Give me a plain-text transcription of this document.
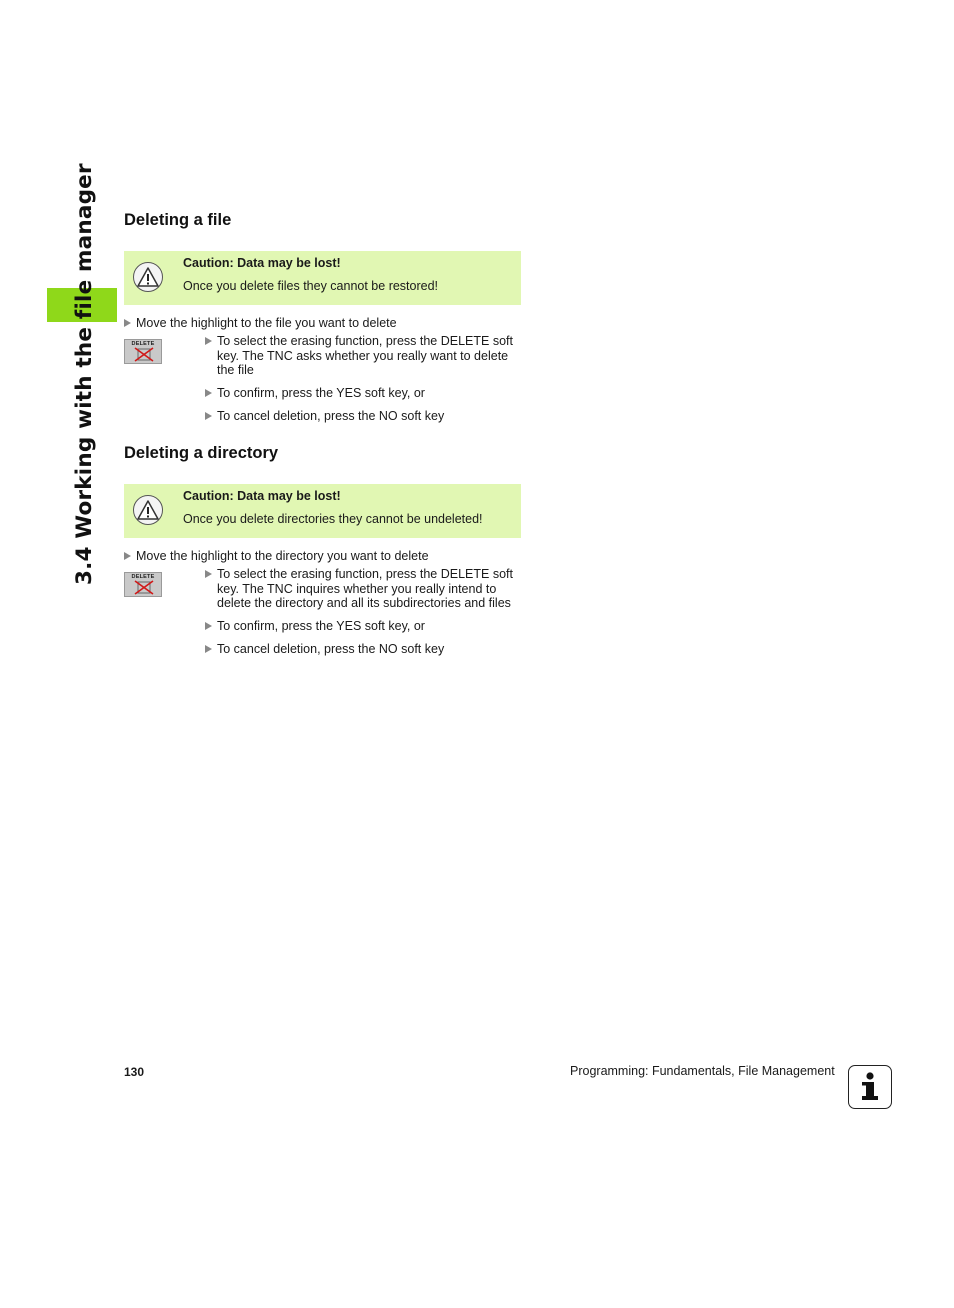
3.4 Working with the file manager Deleting a file
Caution: Data may be lost!
Once you delete files they cannot be restored!
Move the highlight to the file you want to delete
DELETE	To select the erasing function, press the DELETE soft
key. The TNC asks whether you really want to delete
the file
To confirm, press the YES soft key, or
To cancel deletion, press the NO soft key
Deleting a directory
Caution: Data may be lost!
Once you delete directories they cannot be undeleted!
Move the highlight to the directory you want to delete
DELETE	To select the erasing function, press the DELETE soft
key. The TNC inquires whether you really intend to
delete the directory and all its subdirectories and files
To confirm, press the YES soft key, or
To cancel deletion, press the NO soft key
130	Programming: Fundamentals, File Management
